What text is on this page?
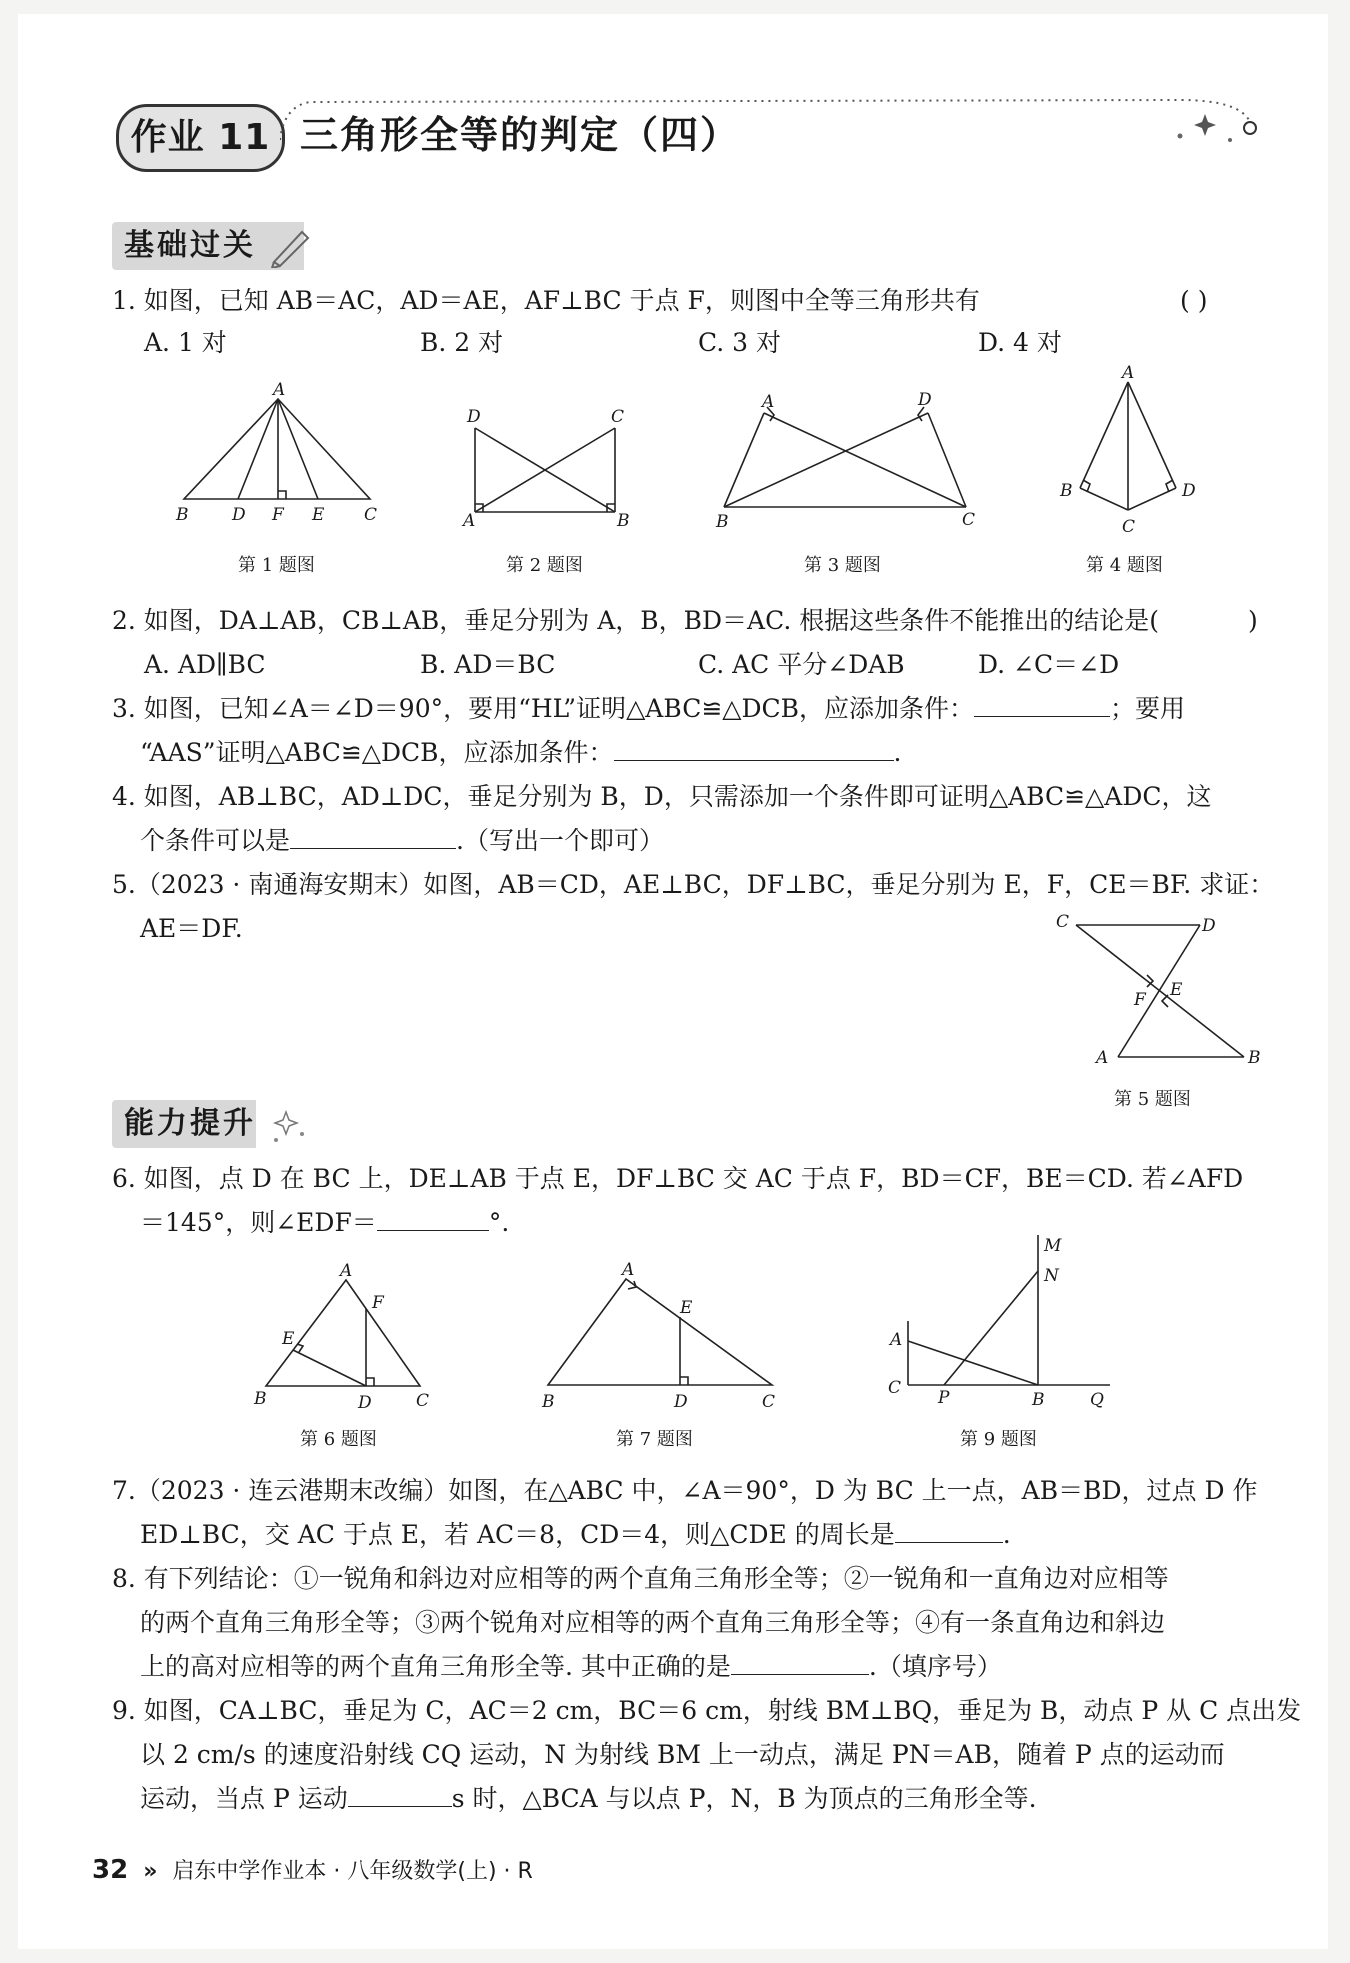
作业 11 三角形全等的判定（四）
基础过关
1. 如图，已知 AB＝AC，AD＝AE，AF⊥BC 于点 F，则图中全等三角形共有	( )
A. 1 对	B. 2 对	C. 3 对	D. 4 对
A
B	D F E C
第 1 题图
D	C
A	B
第 2 题图
A	D
B	C
第 3 题图
A
B	D
C
第 4 题图
2. 如图，DA⊥AB，CB⊥AB，垂足分别为 A，B，BD＝AC. 根据这些条件不能推出的结论是(	)
A. AD∥BC	B. AD＝BC	C. AC 平分∠DAB	D. ∠C＝∠D
3. 如图，已知∠A＝∠D＝90°，要用“HL”证明△ABC≌△DCB，应添加条件：	；要用
“AAS”证明△ABC≌△DCB，应添加条件：	.
4. 如图，AB⊥BC，AD⊥DC，垂足分别为 B，D，只需添加一个条件即可证明△ABC≌△ADC，这
个条件可以是	.（写出一个即可）
5.（2023 · 南通海安期末）如图，AB＝CD，AE⊥BC，DF⊥BC，垂足分别为 E，F，CE＝BF. 求证：
AE＝DF.	C	D
F E
A	B
第 5 题图
能力提升
6. 如图，点 D 在 BC 上，DE⊥AB 于点 E，DF⊥BC 交 AC 于点 F，BD＝CF，BE＝CD. 若∠AFD
＝145°，则∠EDF＝	°.
A
F
E
B	D	C
第 6 题图
A
E
B	D	C
第 7 题图
M
N
A
C P	B	Q
第 9 题图
7.（2023 · 连云港期末改编）如图，在△ABC 中，∠A＝90°，D 为 BC 上一点，AB＝BD，过点 D 作
ED⊥BC，交 AC 于点 E，若 AC＝8，CD＝4，则△CDE 的周长是	.
8. 有下列结论：①一锐角和斜边对应相等的两个直角三角形全等；②一锐角和一直角边对应相等
的两个直角三角形全等；③两个锐角对应相等的两个直角三角形全等；④有一条直角边和斜边
上的高对应相等的两个直角三角形全等. 其中正确的是	.（填序号）
9. 如图，CA⊥BC，垂足为 C，AC＝2 cm，BC＝6 cm，射线 BM⊥BQ，垂足为 B，动点 P 从 C 点出发
以 2 cm/s 的速度沿射线 CQ 运动，N 为射线 BM 上一动点，满足 PN＝AB，随着 P 点的运动而
运动，当点 P 运动	s 时，△BCA 与以点 P，N，B 为顶点的三角形全等.
32 » 启东中学作业本 · 八年级数学(上) · R
